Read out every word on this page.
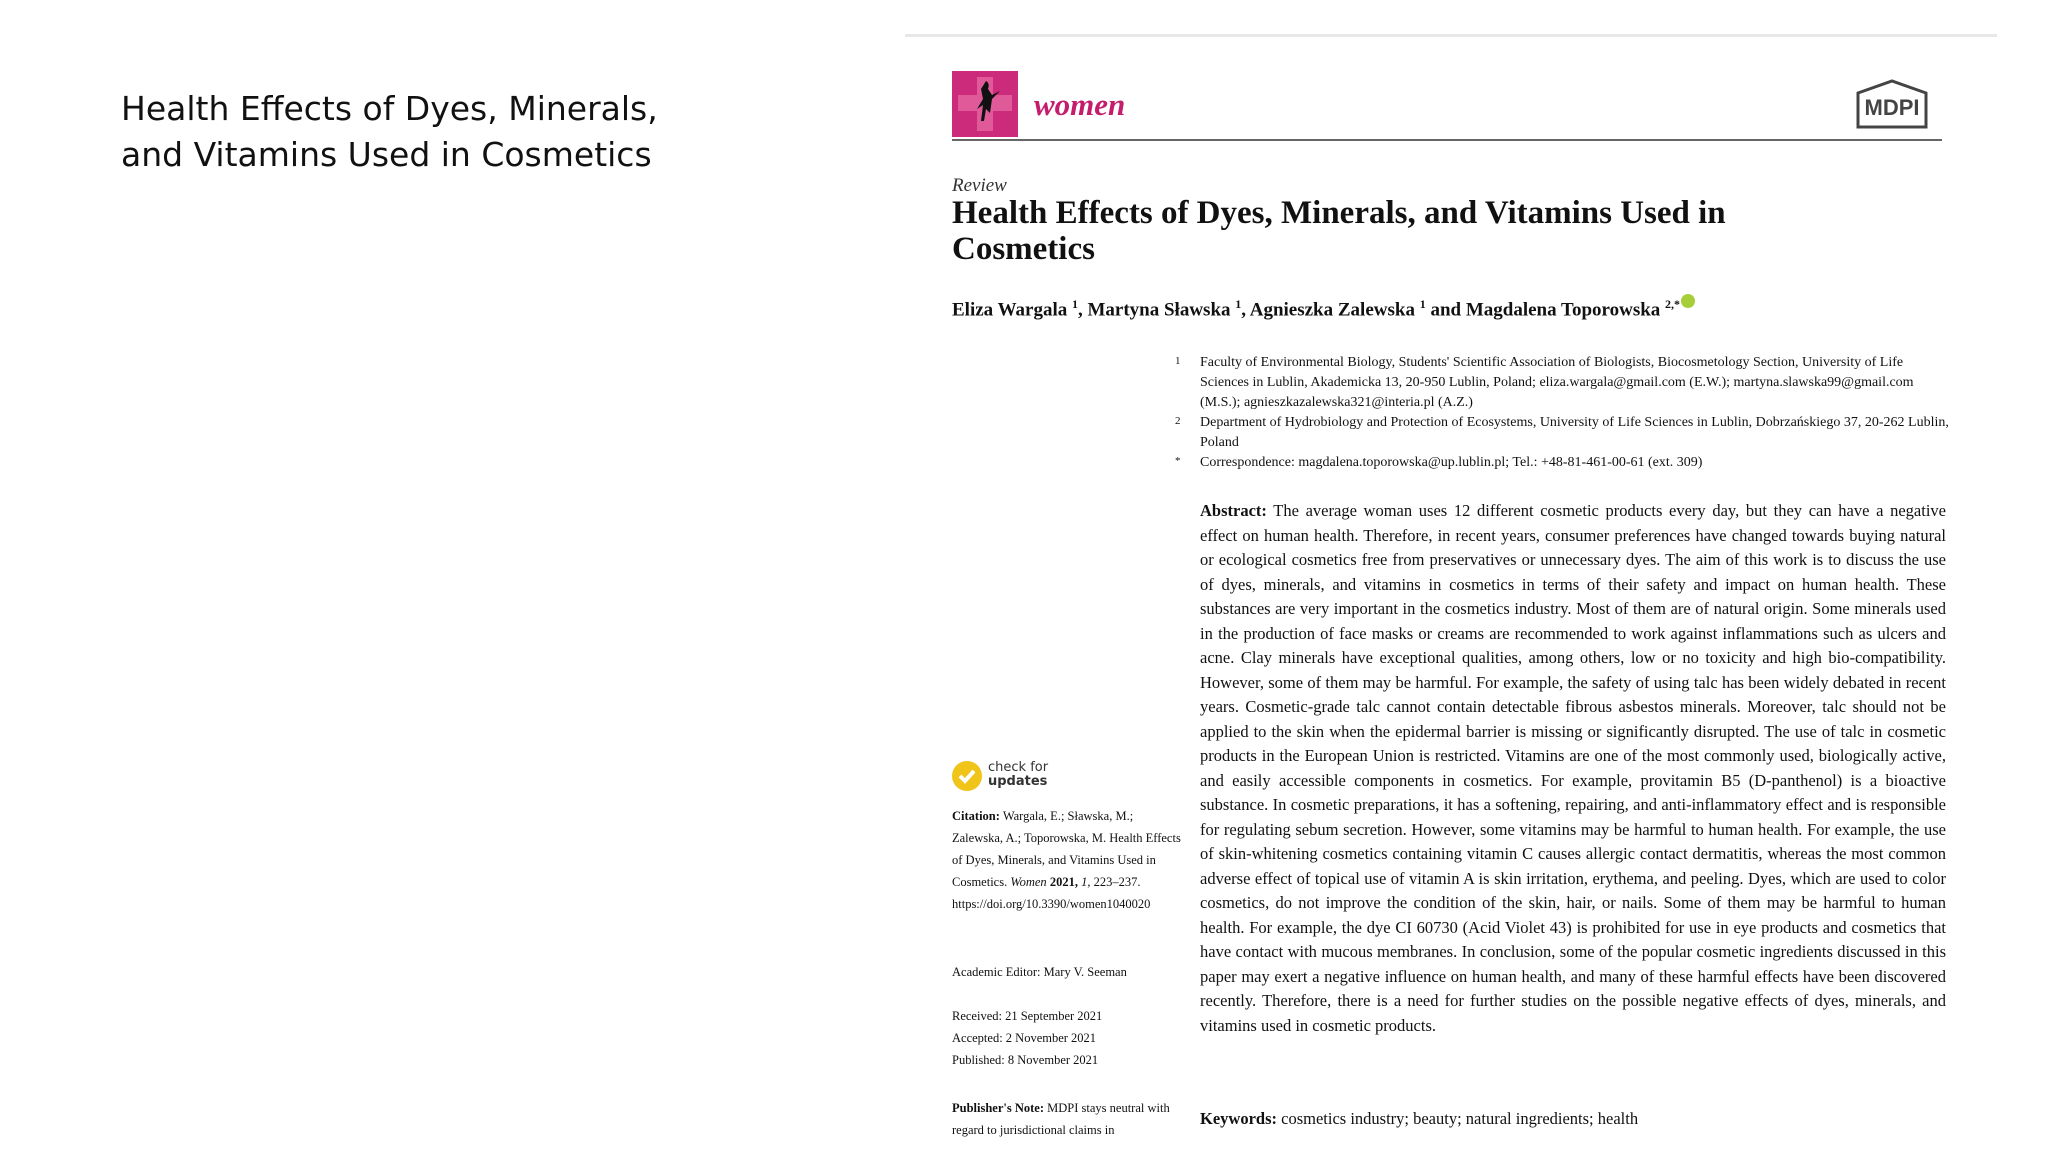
Health Effects of Dyes, Minerals, and Vitamins Used in Cosmetics
women	MDPI
Review
Health Effects of Dyes, Minerals, and Vitamins Used in Cosmetics
Eliza Wargala $^1$, Martyna Sławska $^1$, Agnieszka Zalewska $^1$ and Magdalena Toporowska $^{2,*}$
1 Faculty of Environmental Biology, Students' Scientific Association of Biologists, Biocosmetology Section, University of Life Sciences in Lublin, Akademicka 13, 20-950 Lublin, Poland; eliza.wargala@gmail.com (E.W.); martyna.slawska99@gmail.com (M.S.); agnieszkazalewska321@interia.pl (A.Z.)
2 Department of Hydrobiology and Protection of Ecosystems, University of Life Sciences in Lublin, Dobrzańskiego 37, 20-262 Lublin, Poland
* Correspondence: magdalena.toporowska@up.lublin.pl; Tel.: +48-81-461-00-61 (ext. 309)

Abstract: The average woman uses 12 different cosmetic products every day, but they can have a negative effect on human health. Therefore, in recent years, consumer preferences have changed towards buying natural or ecological cosmetics free from preservatives or unnecessary dyes. The aim of this work is to discuss the use of dyes, minerals, and vitamins in cosmetics in terms of their safety and impact on human health. These substances are very important in the cosmetics industry. Most of them are of natural origin. Some minerals used in the production of face masks or creams are recommended to work against inflammations such as ulcers and acne. Clay minerals have exceptional qualities, among others, low or no toxicity and high bio-compatibility. However, some of them may be harmful. For example, the safety of using talc has been widely debated in recent years. Cosmetic-grade talc cannot contain detectable fibrous asbestos minerals. Moreover, talc should not be applied to the skin when the epidermal barrier is missing or significantly disrupted. The use of talc in cosmetic products in the European Union is restricted. Vitamins are one of the most commonly used, biologically active, and easily accessible components in cosmetics. For example, provitamin B5 (D-panthenol) is a bioactive substance. In cosmetic preparations, it has a softening, repairing, and anti-inflammatory effect and is responsible for regulating sebum secretion. However, some vitamins may be harmful to human health. For example, the use of skin-whitening cosmetics containing vitamin C causes allergic contact dermatitis, whereas the most common adverse effect of topical use of vitamin A is skin irritation, erythema, and peeling. Dyes, which are used to color cosmetics, do not improve the condition of the skin, hair, or nails. Some of them may be harmful to human health. For example, the dye CI 60730 (Acid Violet 43) is prohibited for use in eye products and cosmetics that have contact with mucous membranes. In conclusion, some of the popular cosmetic ingredients discussed in this paper may exert a negative influence on human health, and many of these harmful effects have been discovered recently. Therefore, there is a need for further studies on the possible negative effects of dyes, minerals, and vitamins used in cosmetic products.

Keywords: cosmetics industry; beauty; natural ingredients; health
check for
updates
Citation: Wargala, E.; Sławska, M.; Zalewska, A.; Toporowska, M. Health Effects of Dyes, Minerals, and Vitamins Used in Cosmetics. Women 2021, 1, 223–237. https://doi.org/10.3390/women1040020
Academic Editor: Mary V. Seeman
Received: 21 September 2021
Accepted: 2 November 2021
Published: 8 November 2021
Publisher's Note: MDPI stays neutral with regard to jurisdictional claims in
